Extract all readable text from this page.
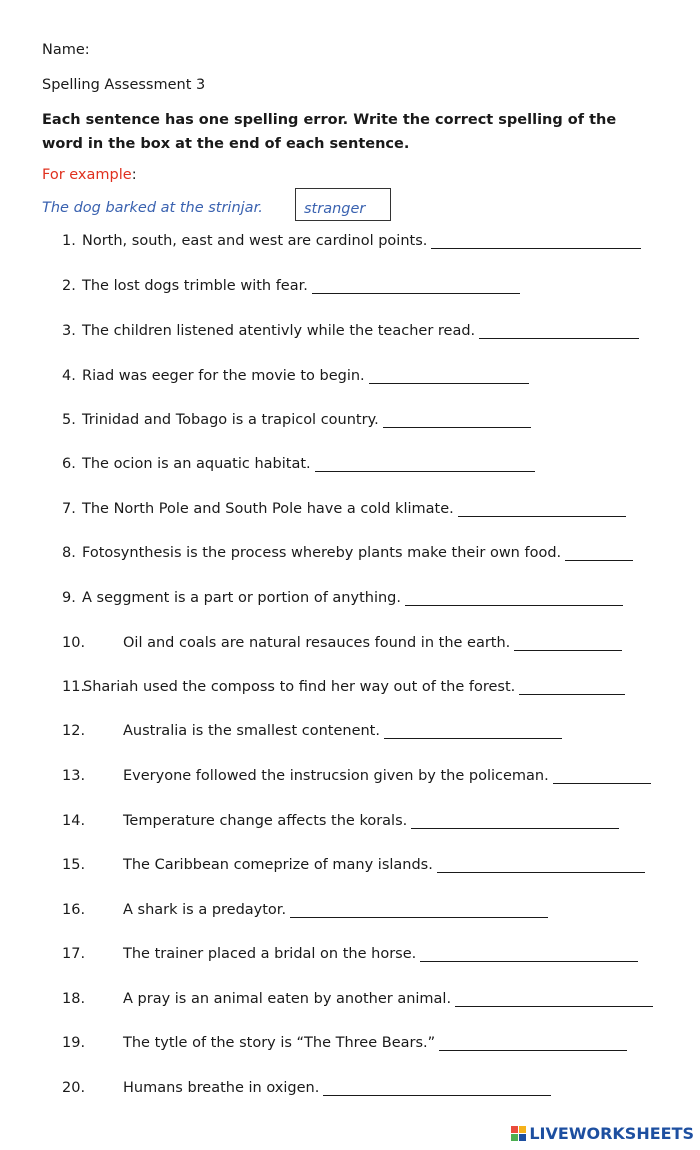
Name:
Spelling Assessment 3
Each sentence has one spelling error. Write the correct spelling of the word in the box at the end of each sentence.
For example:
The dog barked at the strinjar.	stranger
1. North, south, east and west are cardinol points.
2. The lost dogs trimble with fear.
3. The children listened atentivly while the teacher read.
4. Riad was eeger for the movie to begin.
5. Trinidad and Tobago is a trapicol country.
6. The ocion is an aquatic habitat.
7. The North Pole and South Pole have a cold klimate.
8. Fotosynthesis is the process whereby plants make their own food.
9. A seggment is a part or portion of anything.
10.	Oil and coals are natural resauces found in the earth.
11.
Shariah used the composs to find her way out of the forest.
12.	Australia is the smallest contenent.
13.	Everyone followed the instrucsion given by the policeman.
14.	Temperature change affects the korals.
15.	The Caribbean comeprize of many islands.
16.	A shark is a predaytor.
17.	The trainer placed a bridal on the horse.
18.	A pray is an animal eaten by another animal.
19.	The tytle of the story is “The Three Bears.”
20.	Humans breathe in oxigen.
LIVEWORKSHEETS
